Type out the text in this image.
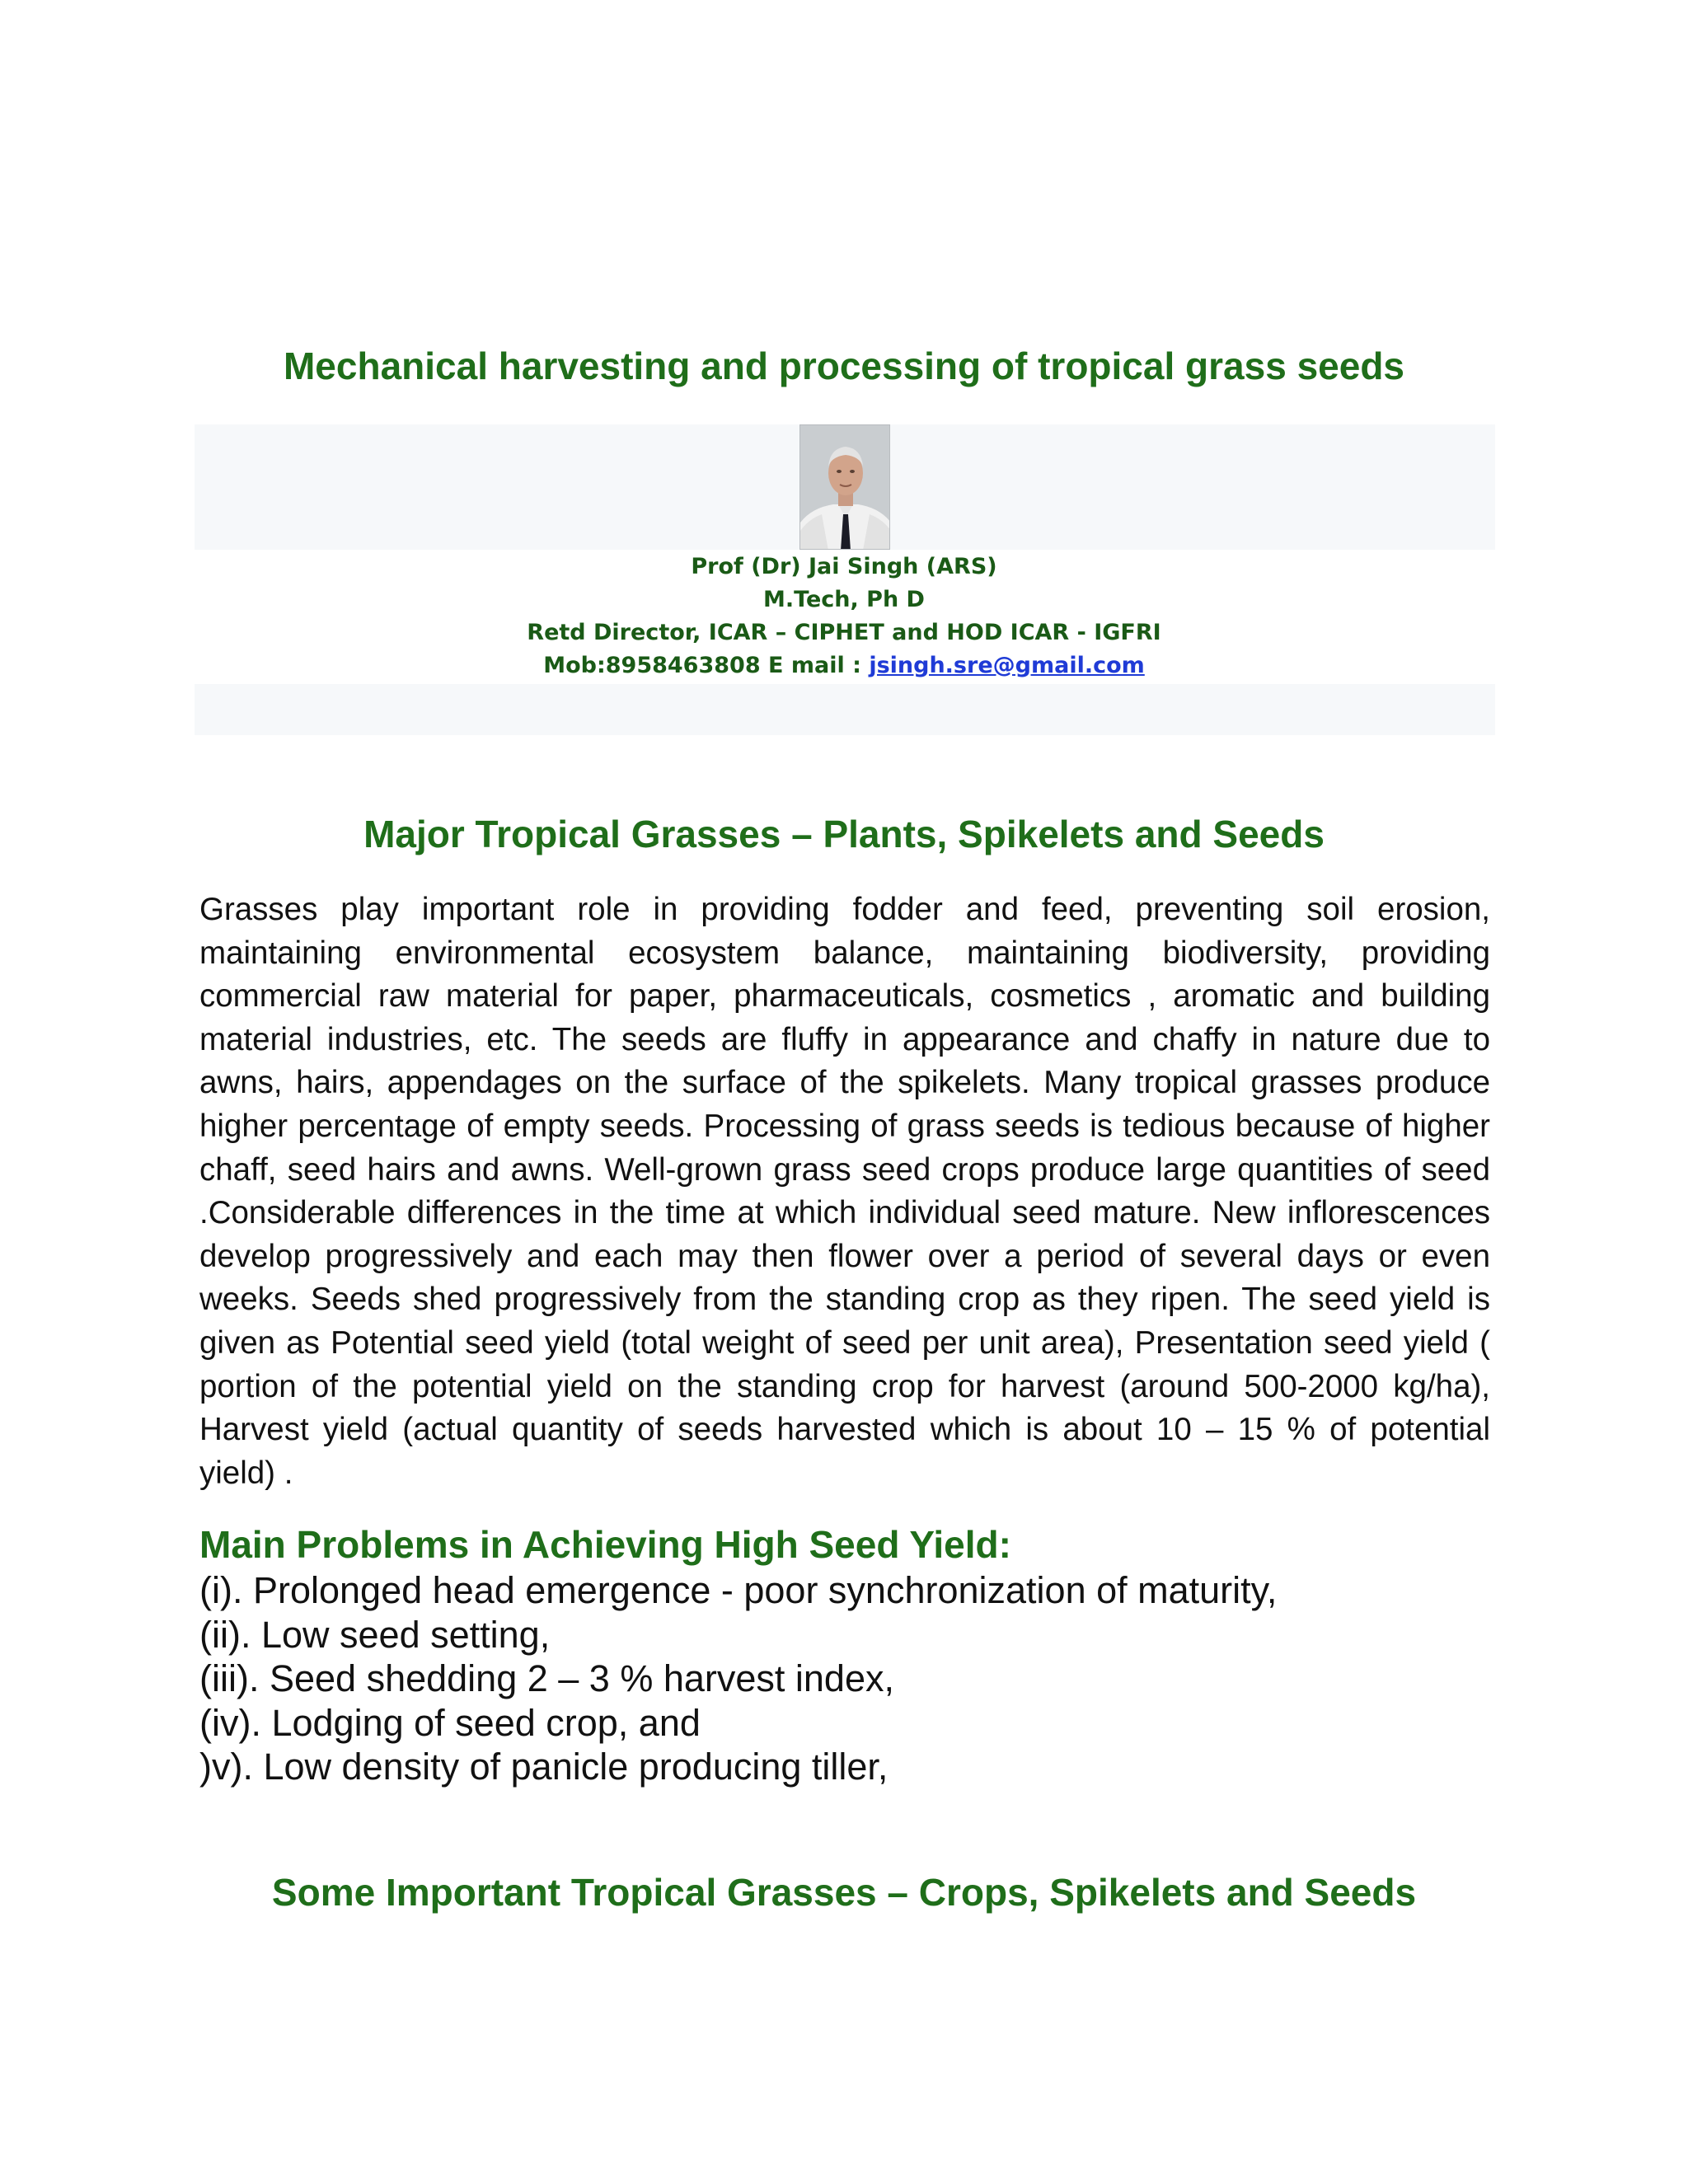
Mechanical harvesting and processing of tropical grass seeds
Prof (Dr) Jai Singh (ARS)
M.Tech, Ph D
Retd Director, ICAR – CIPHET and HOD ICAR - IGFRI
Mob:8958463808 E mail : jsingh.sre@gmail.com
Major Tropical Grasses – Plants, Spikelets and Seeds

Grasses play important role in providing fodder and feed, preventing soil erosion, maintaining environmental ecosystem balance, maintaining biodiversity, providing commercial raw material for paper, pharmaceuticals, cosmetics , aromatic and building material industries, etc. The seeds are fluffy in appearance and chaffy in nature due to awns, hairs, appendages on the surface of the spikelets. Many tropical grasses produce higher percentage of empty seeds. Processing of grass seeds is tedious because of higher chaff, seed hairs and awns. Well-grown grass seed crops produce large quantities of seed .Considerable differences in the time at which individual seed mature. New inflorescences develop progressively and each may then flower over a period of several days or even weeks. Seeds shed progressively from the standing crop as they ripen. The seed yield is given as Potential seed yield (total weight of seed per unit area), Presentation seed yield ( portion of the potential yield on the standing crop for harvest (around 500-2000 kg/ha), Harvest yield (actual quantity of seeds harvested which is about 10 – 15 % of potential yield) .

Main Problems in Achieving High Seed Yield:
(i). Prolonged head emergence - poor synchronization of maturity,
(ii). Low seed setting,
(iii). Seed shedding 2 – 3 % harvest index,
(iv). Lodging of seed crop, and
)v). Low density of panicle producing tiller,
Some Important Tropical Grasses – Crops, Spikelets and Seeds
